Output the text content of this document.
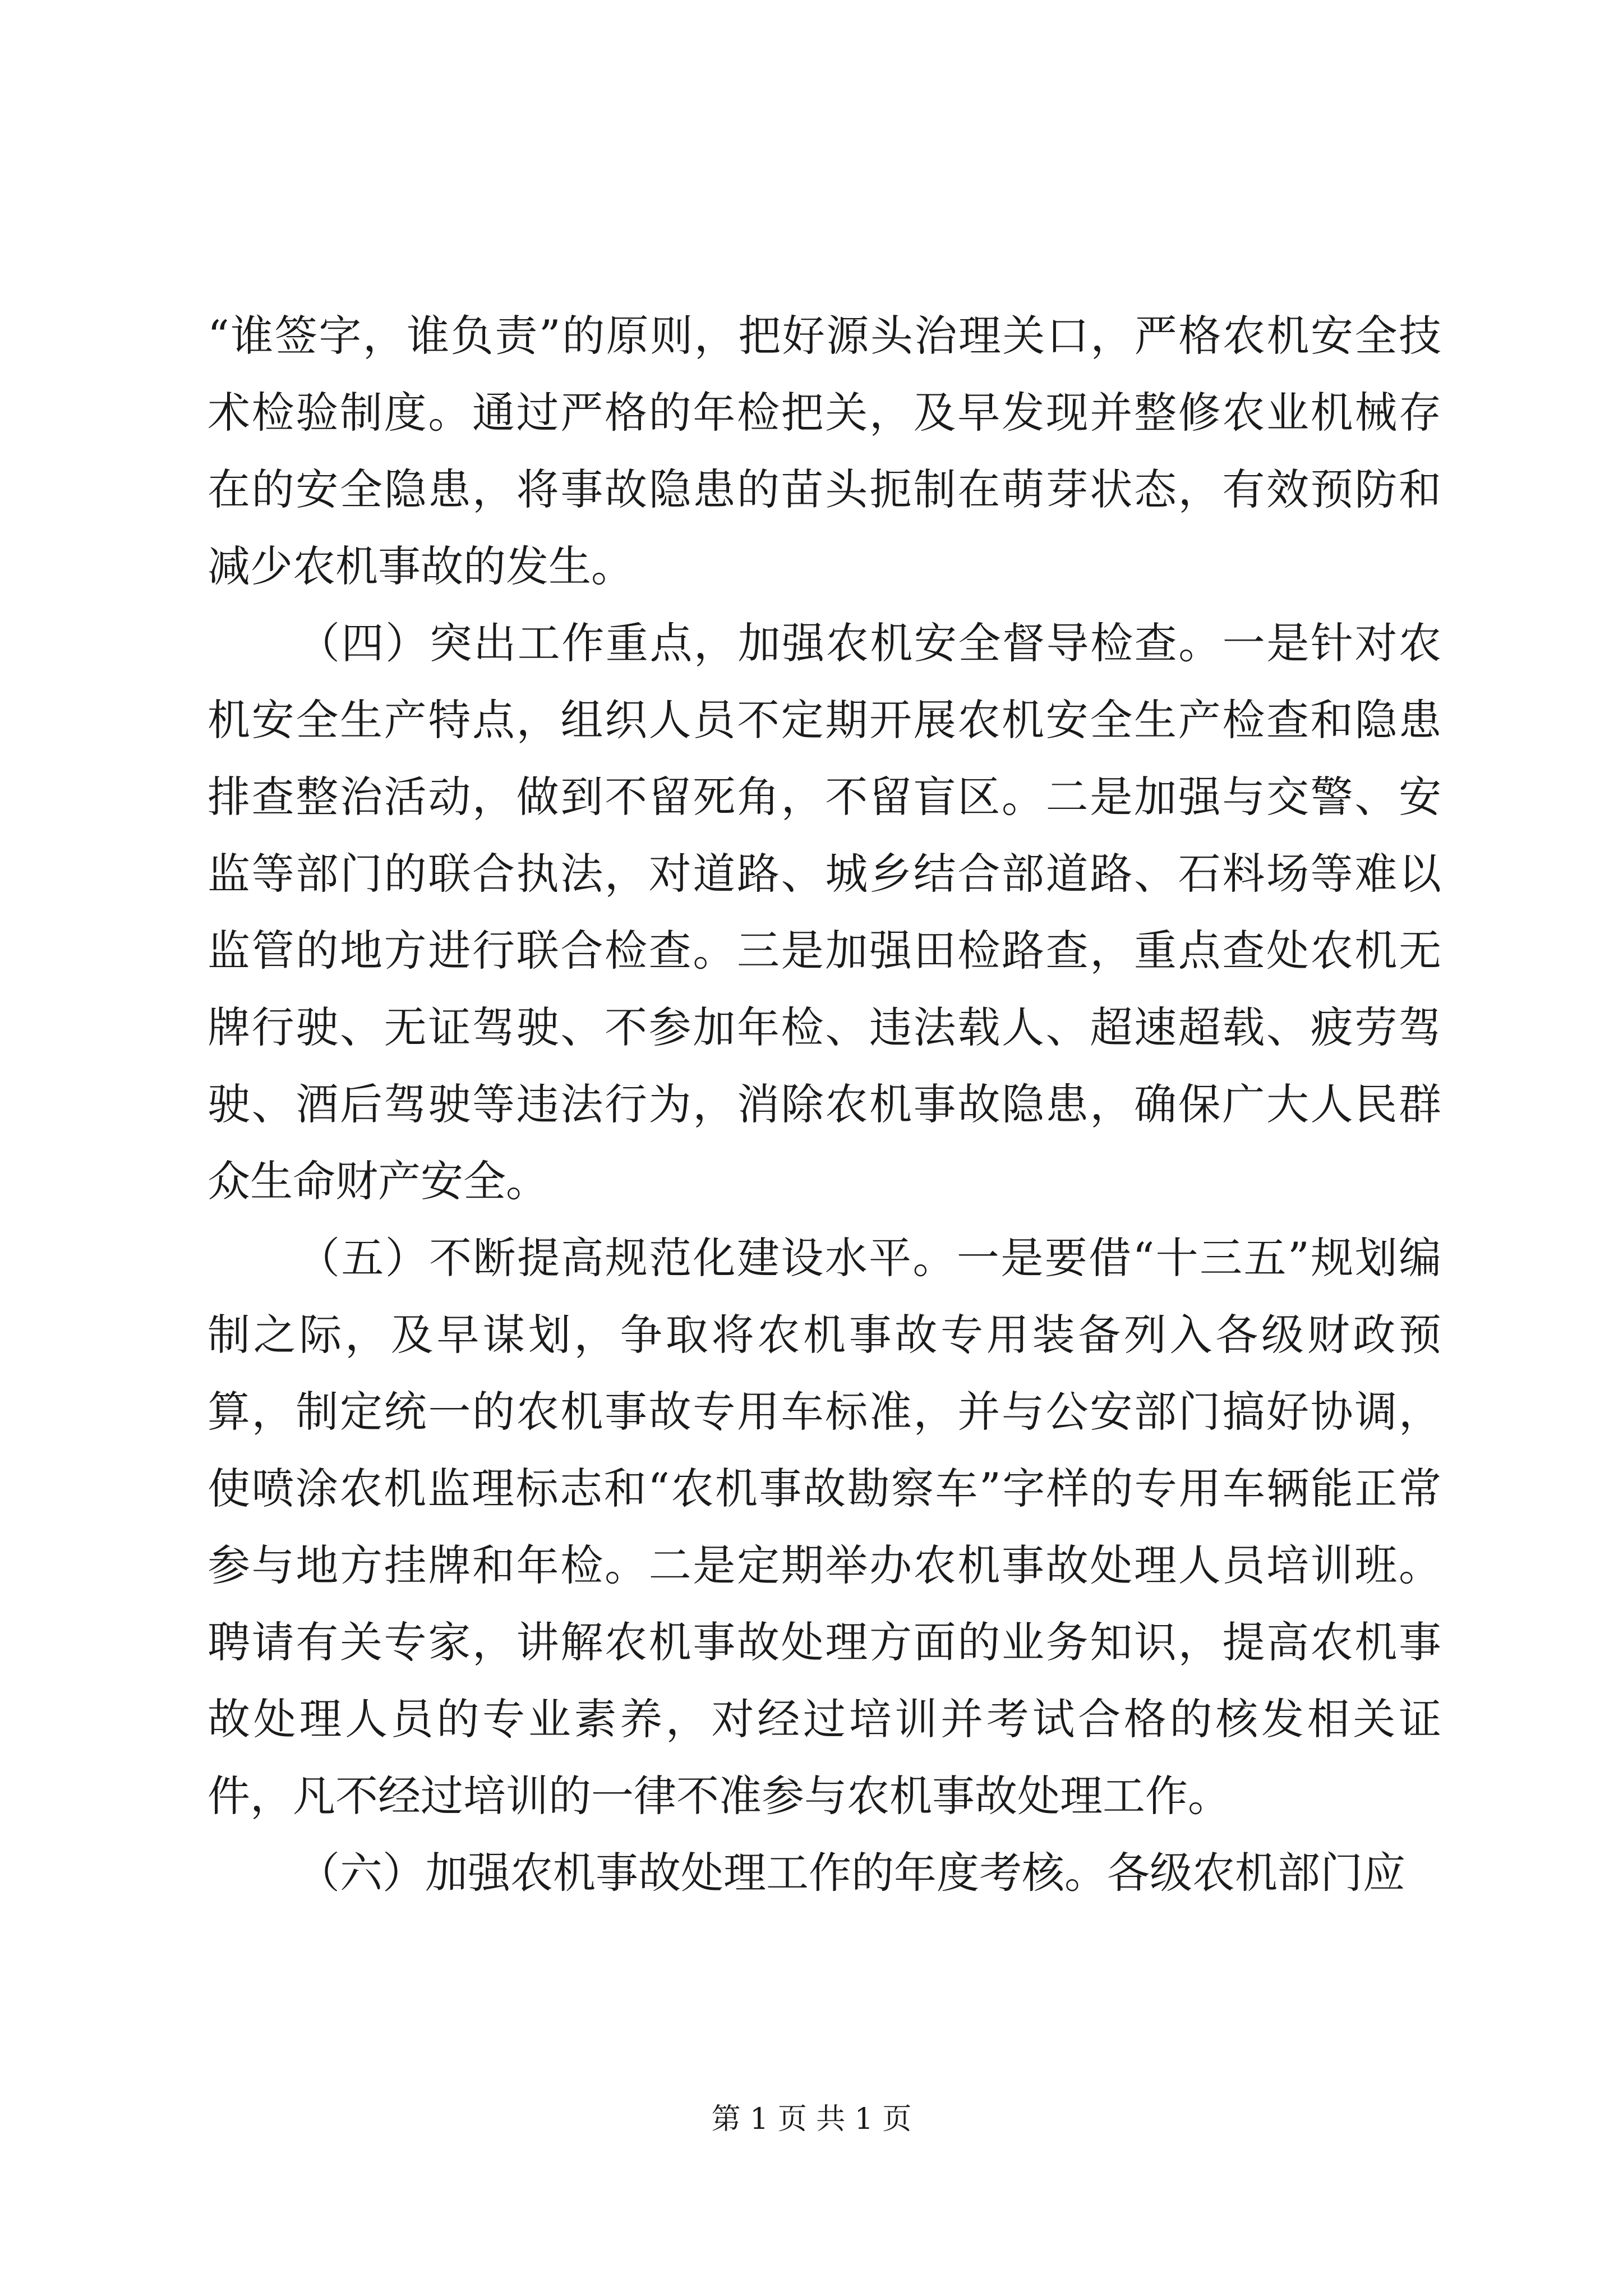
“谁签字，谁负责”的原则，把好源头治理关口，严格农机安全技术检验制度。通过严格的年检把关，及早发现并整修农业机械存在的安全隐患，将事故隐患的苗头扼制在萌芽状态，有效预防和减少农机事故的发生。

（四）突出工作重点，加强农机安全督导检查。一是针对农机安全生产特点，组织人员不定期开展农机安全生产检查和隐患排查整治活动，做到不留死角，不留盲区。二是加强与交警、安监等部门的联合执法，对道路、城乡结合部道路、石料场等难以监管的地方进行联合检查。三是加强田检路查，重点查处农机无牌行驶、无证驾驶、不参加年检、违法载人、超速超载、疲劳驾驶、酒后驾驶等违法行为，消除农机事故隐患，确保广大人民群众生命财产安全。

（五）不断提高规范化建设水平。一是要借“十三五”规划编制之际，及早谋划，争取将农机事故专用装备列入各级财政预算，制定统一的农机事故专用车标准，并与公安部门搞好协调，使喷涂农机监理标志和“农机事故勘察车”字样的专用车辆能正常参与地方挂牌和年检。二是定期举办农机事故处理人员培训班。聘请有关专家，讲解农机事故处理方面的业务知识，提高农机事故处理人员的专业素养，对经过培训并考试合格的核发相关证件，凡不经过培训的一律不准参与农机事故处理工作。

（六）加强农机事故处理工作的年度考核。各级农机部门应

第 1 页 共 1 页
